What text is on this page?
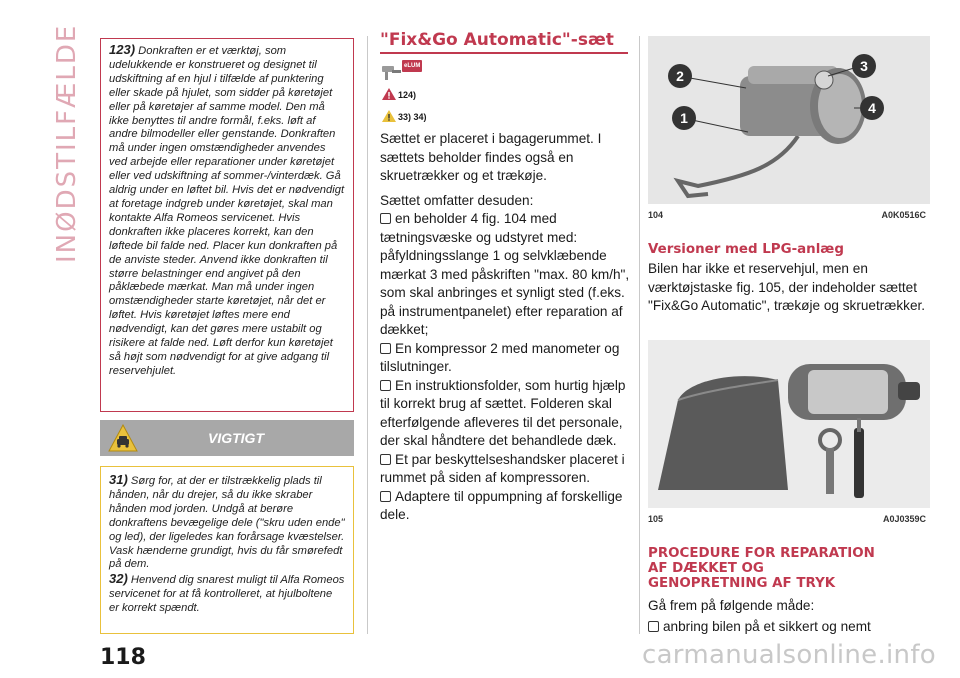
INØDSTILFÆLDE 123) Donkraften er et værktøj, som udelukkende er konstrueret og designet til udskiftning af en hjul i tilfælde af punktering eller skade på hjulet, som sidder på køretøjet eller på køretøjer af samme model. Den må ikke benyttes til andre formål, f.eks. løft af andre bilmodeller eller genstande. Donkraften må under ingen omstændigheder anvendes ved arbejde eller reparationer under køretøjet eller ved udskiftning af sommer-/vinterdæk. Gå aldrig under en løftet bil. Hvis det er nødvendigt at foretage indgreb under køretøjet, skal man kontakte Alfa Romeos servicenet. Hvis donkraften ikke placeres korrekt, kan den løftede bil falde ned. Placer kun donkraften på de anviste steder. Anvend ikke donkraften til større belastninger end angivet på den påklæbede mærkat. Man må under ingen omstændigheder starte køretøjet, når det er løftet. Hvis køretøjet løftes mere end nødvendigt, kan det gøres mere ustabilt og risikere at falde ned. Løft derfor kun køretøjet så højt som nødvendigt for at give adgang til reservehjulet.
VIGTIGT
31) Sørg for, at der er tilstrækkelig plads til hånden, når du drejer, så du ikke skraber hånden mod jorden. Undgå at berøre donkraftens bevægelige dele ("skru uden ende" og led), der ligeledes kan forårsage kvæstelser. Vask hænderne grundigt, hvis du får smørefedt på dem.
32) Henvend dig snarest muligt til Alfa Romeos servicenet for at få kontrolleret, at hjulboltene er korrekt spændt.
"Fix&Go Automatic"-sæt
eLUM
124)
33) 34)
Sættet er placeret i bagagerummet. I sættets beholder findes også en skruetrækker og et trækøje.
Sættet omfatter desuden:
en beholder 4 fig. 104 med tætningsvæske og udstyret med: påfyldningsslange 1 og selvklæbende mærkat 3 med påskriften "max. 80 km/h", som skal anbringes et synligt sted (f.eks. på instrumentpanelet) efter reparation af dækket;
En kompressor 2 med manometer og tilslutninger.
En instruktionsfolder, som hurtig hjælp til korrekt brug af sættet. Folderen skal efterfølgende afleveres til det personale, der skal håndtere det behandlede dæk.
Et par beskyttelseshandsker placeret i rummet på siden af kompressoren.
Adaptere til oppumpning af forskellige dele.
2
1
3
4
104	A0K0516C
Versioner med LPG-anlæg
Bilen har ikke et reservehjul, men en værktøjstaske fig. 105, der indeholder sættet "Fix&Go Automatic", trækøje og skruetrækker.
105	A0J0359C
PROCEDURE FOR REPARATION AF DÆKKET OG GENOPRETNING AF TRYK
Gå frem på følgende måde:
anbring bilen på et sikkert og nemt
118	carmanualsonline.info
